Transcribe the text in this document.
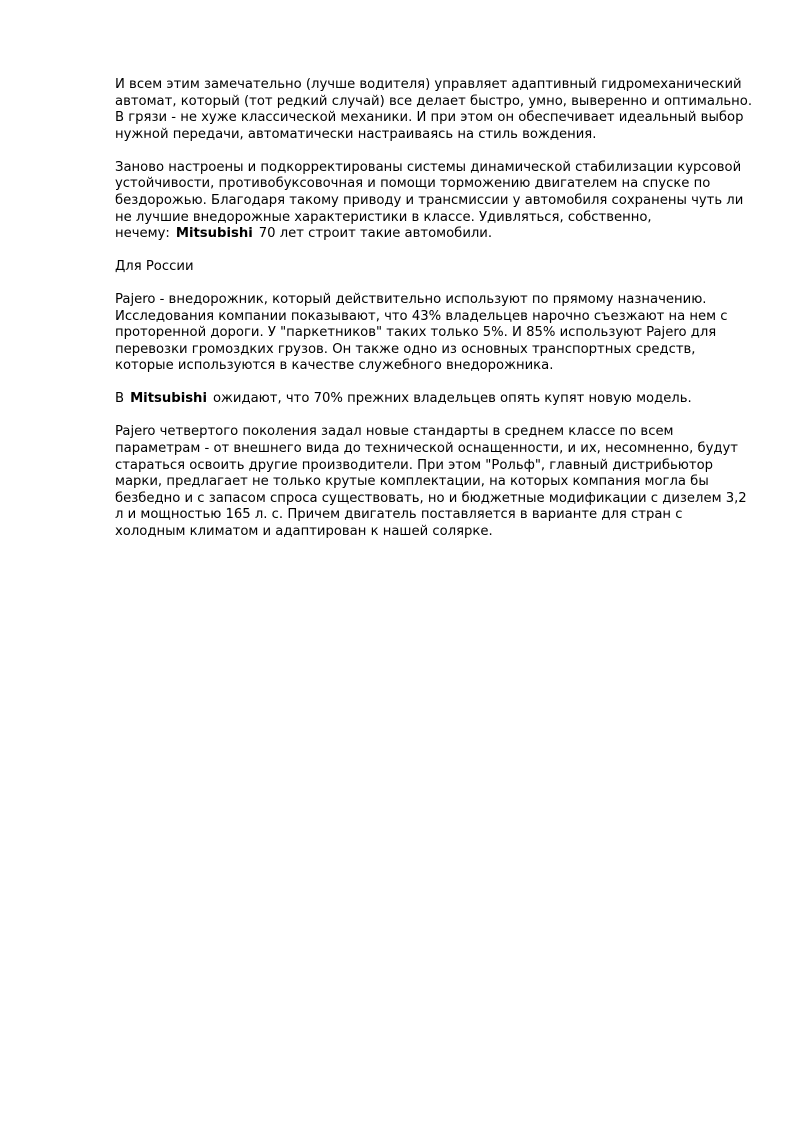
И всем этим замечательно (лучше водителя) управляет адаптивный гидромеханический автомат, который (тот редкий случай) все делает быстро, умно, выверенно и оптимально. В грязи - не хуже классической механики. И при этом он обеспечивает идеальный выбор нужной передачи, автоматически настраиваясь на стиль вождения.

Заново настроены и подкорректированы системы динамической стабилизации курсовой устойчивости, противобуксовочная и помощи торможению двигателем на спуске по бездорожью. Благодаря такому приводу и трансмиссии у автомобиля сохранены чуть ли не лучшие внедорожные характеристики в классе. Удивляться, собственно, нечему: Mitsubishi 70 лет строит такие автомобили.

Для России

Pajero - внедорожник, который действительно используют по прямому назначению. Исследования компании показывают, что 43% владельцев нарочно съезжают на нем с проторенной дороги. У "паркетников" таких только 5%. И 85% используют Pajero для перевозки громоздких грузов. Он также одно из основных транспортных средств, которые используются в качестве служебного внедорожника.

В Mitsubishi ожидают, что 70% прежних владельцев опять купят новую модель.

Pajero четвертого поколения задал новые стандарты в среднем классе по всем параметрам - от внешнего вида до технической оснащенности, и их, несомненно, будут стараться освоить другие производители. При этом "Рольф", главный дистрибьютор марки, предлагает не только крутые комплектации, на которых компания могла бы безбедно и с запасом спроса существовать, но и бюджетные модификации с дизелем 3,2 л и мощностью 165 л. с. Причем двигатель поставляется в варианте для стран с холодным климатом и адаптирован к нашей солярке.
